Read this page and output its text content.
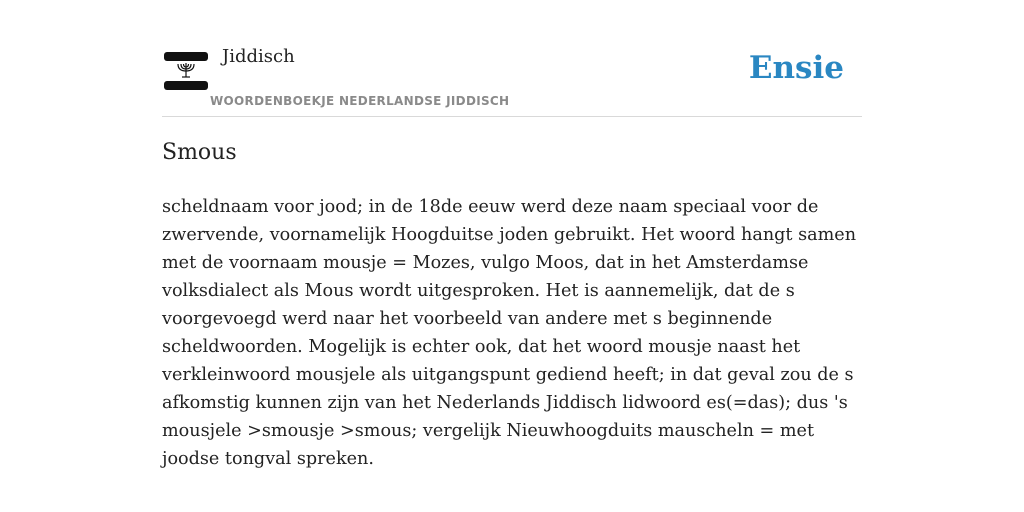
Jiddisch
WOORDENBOEKJE NEDERLANDSE JIDDISCH
Ensie
Smous

scheldnaam voor jood; in de 18de eeuw werd deze naam speciaal voor de zwervende, voornamelijk Hoogduitse joden gebruikt. Het woord hangt samen met de voornaam mousje = Mozes, vulgo Moos, dat in het Amsterdamse volksdialect als Mous wordt uitgesproken. Het is aannemelijk, dat de s voorgevoegd werd naar het voorbeeld van andere met s beginnende scheldwoorden. Mogelijk is echter ook, dat het woord mousje naast het verkleinwoord mousjele als uitgangspunt gediend heeft; in dat geval zou de s afkomstig kunnen zijn van het Nederlands Jiddisch lidwoord es(=das); dus 's mousjele >smousje >smous; vergelijk Nieuwhoogduits mauscheln = met joodse tongval spreken.
